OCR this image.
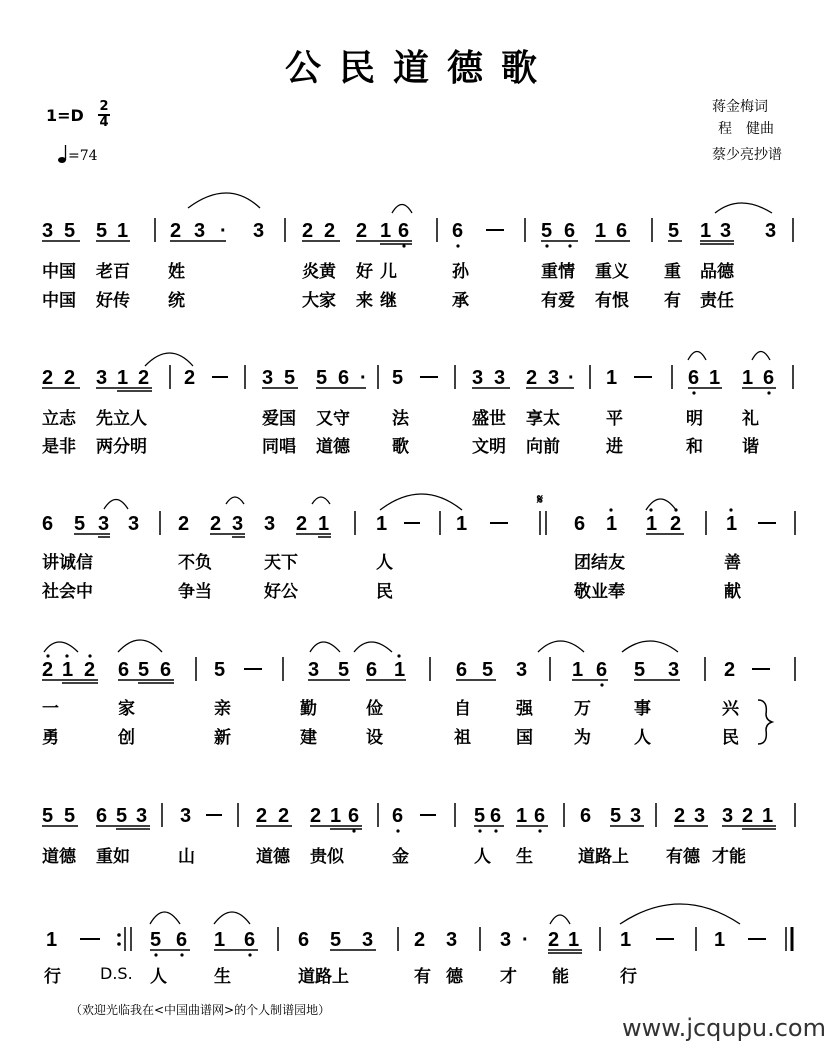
公民道德歌
1=D 2
4
=74
蒋金梅词
程　健曲
蔡少亮抄谱
3 5 5 1 2 3 · 3 2 2 2 1 6 6	5 6 1 6 5 1 3 3
中国 老百 姓	炎黄 好 儿	孙	重情 重义 重 品德
中国 好传 统	大家 来 继	承	有爱 有恨 有 责任
2 2 3 1 2 2	3 5 5 6 · 5	3 3 2 3 · 1	6 1 1 6
立志 先立人	爱国 又守 法	盛世 享太	平	明 礼
是非 两分明	同唱 道德 歌	文明 向前	进	和 谐
𝄋
6 5 3 3 2 2 3 3 2 1 1	1	6 1 1 2 1
讲诚信	不负	天下	人	团结友	善
社会中	争当	好公	民	敬业奉	献
2 1 2 6 5 6 5	3 5 6 1	6 5 3 1 6 5 3 2
一	家	亲	勤	俭	自	强 万	事	兴
勇	创	新	建	设	祖	国 为	人	民
5 5 6 5 3 3	2 2 2 1 6 6	5 6 1 6 6 5 3 2 3 3 2 1
道德 重如	山	道德 贵似	金	人 生	道路上 有德 才能
1	5 6 1 6 6 5 3 2 3 3 · 2 1 1	1
行 D.S. 人	生	道路上	有 德 才 能	行
（欢迎光临我在<中国曲谱网>的个人制谱园地）
www.jcqupu.com
